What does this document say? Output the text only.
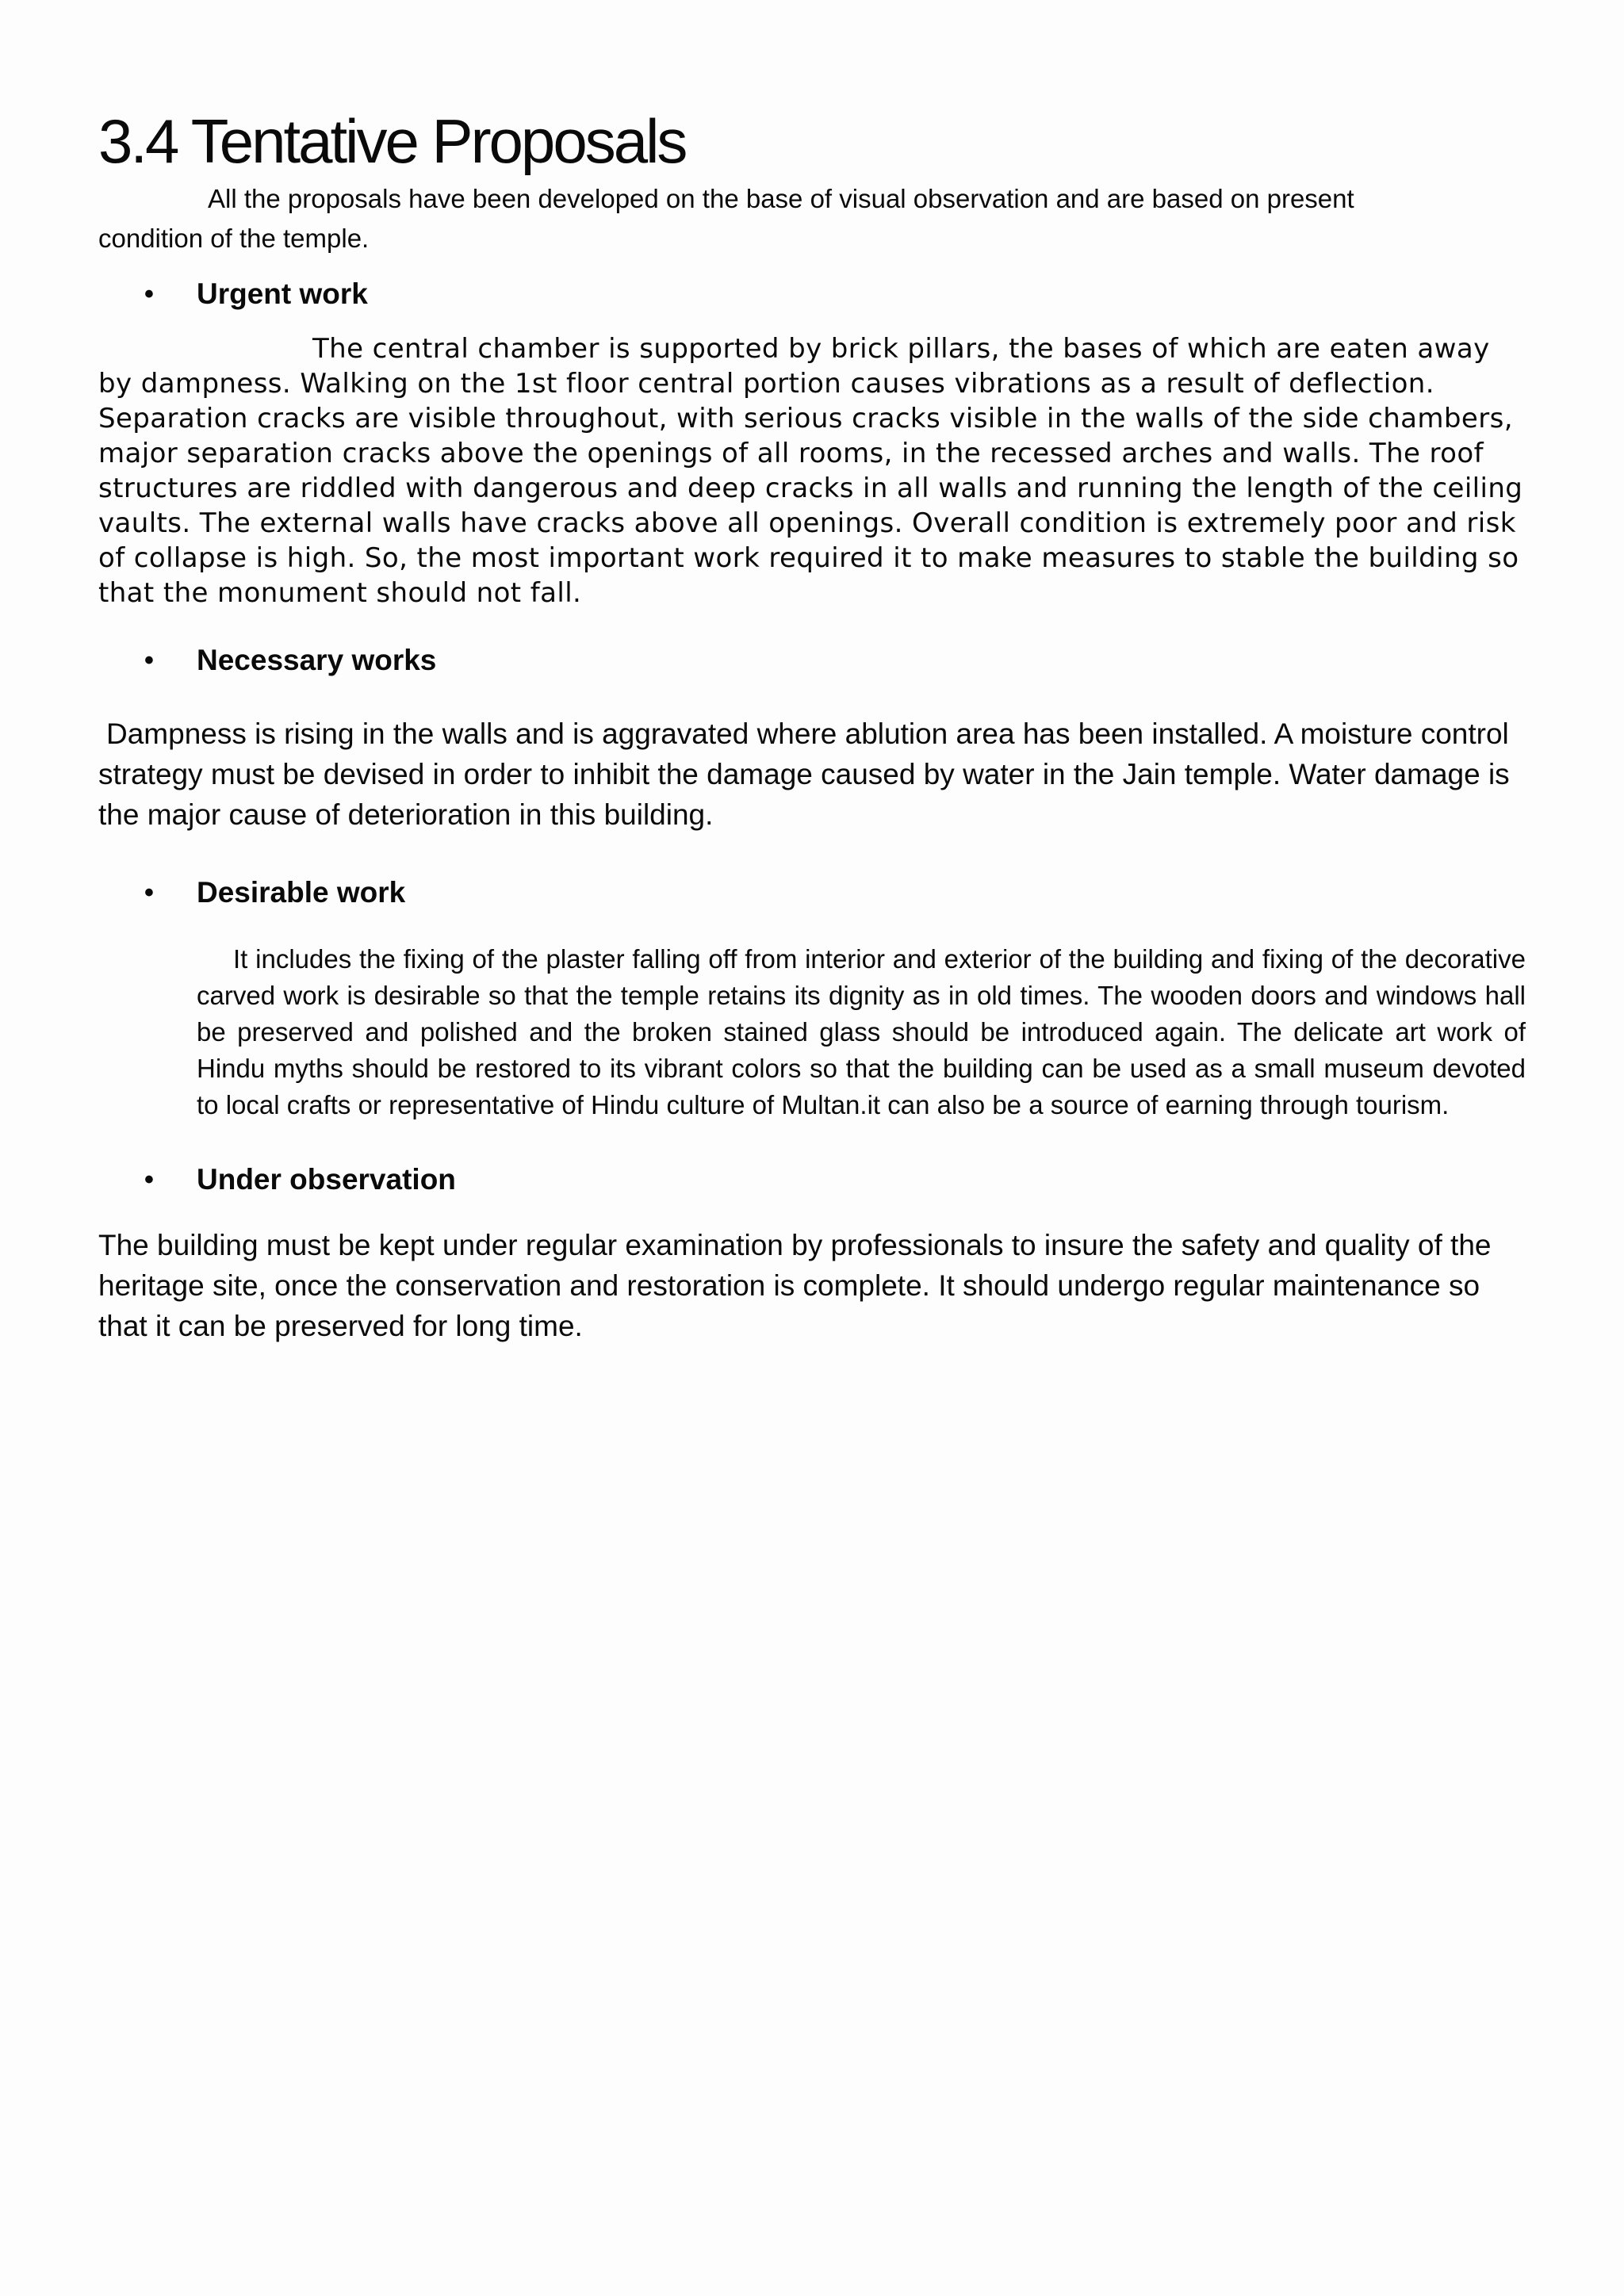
3.4 Tentative Proposals

All the proposals have been developed on the base of visual observation and are based on present condition of the temple.

•	Urgent work

The central chamber is supported by brick pillars, the bases of which are eaten away by dampness. Walking on the 1st floor central portion causes vibrations as a result of deflection. Separation cracks are visible throughout, with serious cracks visible in the walls of the side chambers, major separation cracks above the openings of all rooms, in the recessed arches and walls. The roof structures are riddled with dangerous and deep cracks in all walls and running the length of the ceiling vaults. The external walls have cracks above all openings. Overall condition is extremely poor and risk of collapse is high. So, the most important work required it to make measures to stable the building so that the monument should not fall.

•	Necessary works

Dampness is rising in the walls and is aggravated where ablution area has been installed. A moisture control strategy must be devised in order to inhibit the damage caused by water in the Jain temple. Water damage is the major cause of deterioration in this building.

•	Desirable work

It includes the fixing of the plaster falling off from interior and exterior of the building and fixing of the decorative carved work is desirable so that the temple retains its dignity as in old times. The wooden doors and windows hall be preserved and polished and the broken stained glass should be introduced again. The delicate art work of Hindu myths should be restored to its vibrant colors so that the building can be used as a small museum devoted to local crafts or representative of Hindu culture of Multan.it can also be a source of earning through tourism.

•	Under observation

The building must be kept under regular examination by professionals to insure the safety and quality of the heritage site, once the conservation and restoration is complete. It should undergo regular maintenance so that it can be preserved for long time.
